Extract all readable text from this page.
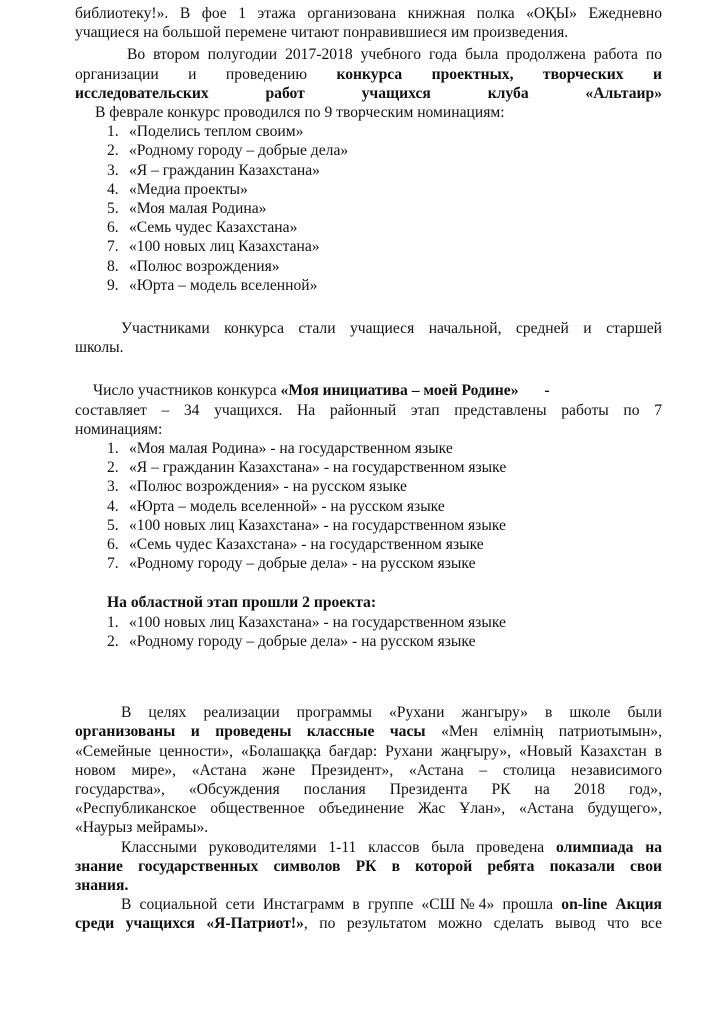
библиотеку!». В фое 1 этажа организована книжная полка «ОҚЫ» Ежедневно
учащиеся на большой перемене читают понравившиеся им произведения.

Во втором полугодии 2017-2018 учебного года была продолжена работа по
организации и проведению конкурса проектных, творческих и
исследовательских работ учащихся клуба «Альтаир»

В феврале конкурс проводился по 9 творческим номинациям:

1. «Поделись теплом своим»
2. «Родному городу – добрые дела»
3. «Я – гражданин Казахстана»
4. «Медиа проекты»
5. «Моя малая Родина»
6. «Семь чудес Казахстана»
7. «100 новых лиц Казахстана»
8. «Полюс возрождения»
9. «Юрта – модель вселенной»

Участниками конкурса стали учащиеся начальной, средней и старшей
школы.

Число участников конкурса «Моя инициатива – моей Родине» -
составляет – 34 учащихся. На районный этап представлены работы по 7
номинациям:

1. «Моя малая Родина» - на государственном языке
2. «Я – гражданин Казахстана» - на государственном языке
3. «Полюс возрождения» - на русском языке
4. «Юрта – модель вселенной» - на русском языке
5. «100 новых лиц Казахстана» - на государственном языке
6. «Семь чудес Казахстана» - на государственном языке
7. «Родному городу – добрые дела» - на русском языке

На областной этап прошли 2 проекта:

1. «100 новых лиц Казахстана» - на государственном языке
2. «Родному городу – добрые дела» - на русском языке

В целях реализации программы «Рухани жангыру» в школе были
организованы и проведены классные часы «Мен елімнің патриотымын»,
«Семейные ценности», «Болашаққа бағдар: Рухани жаңғыру», «Новый Казахстан в
новом мире», «Астана және Президент», «Астана – столица независимого
государства», «Обсуждения послания Президента РК на 2018 год»,
«Республиканское общественное объединение Жас Ұлан», «Астана будущего»,
«Наурыз мейрамы».

Классными руководителями 1-11 классов была проведена олимпиада на
знание государственных символов РК в которой ребята показали свои
знания.

В социальной сети Инстаграмм в группе «СШ№4» прошла on-line Акция
среди учащихся «Я-Патриот!», по результатом можно сделать вывод что все
